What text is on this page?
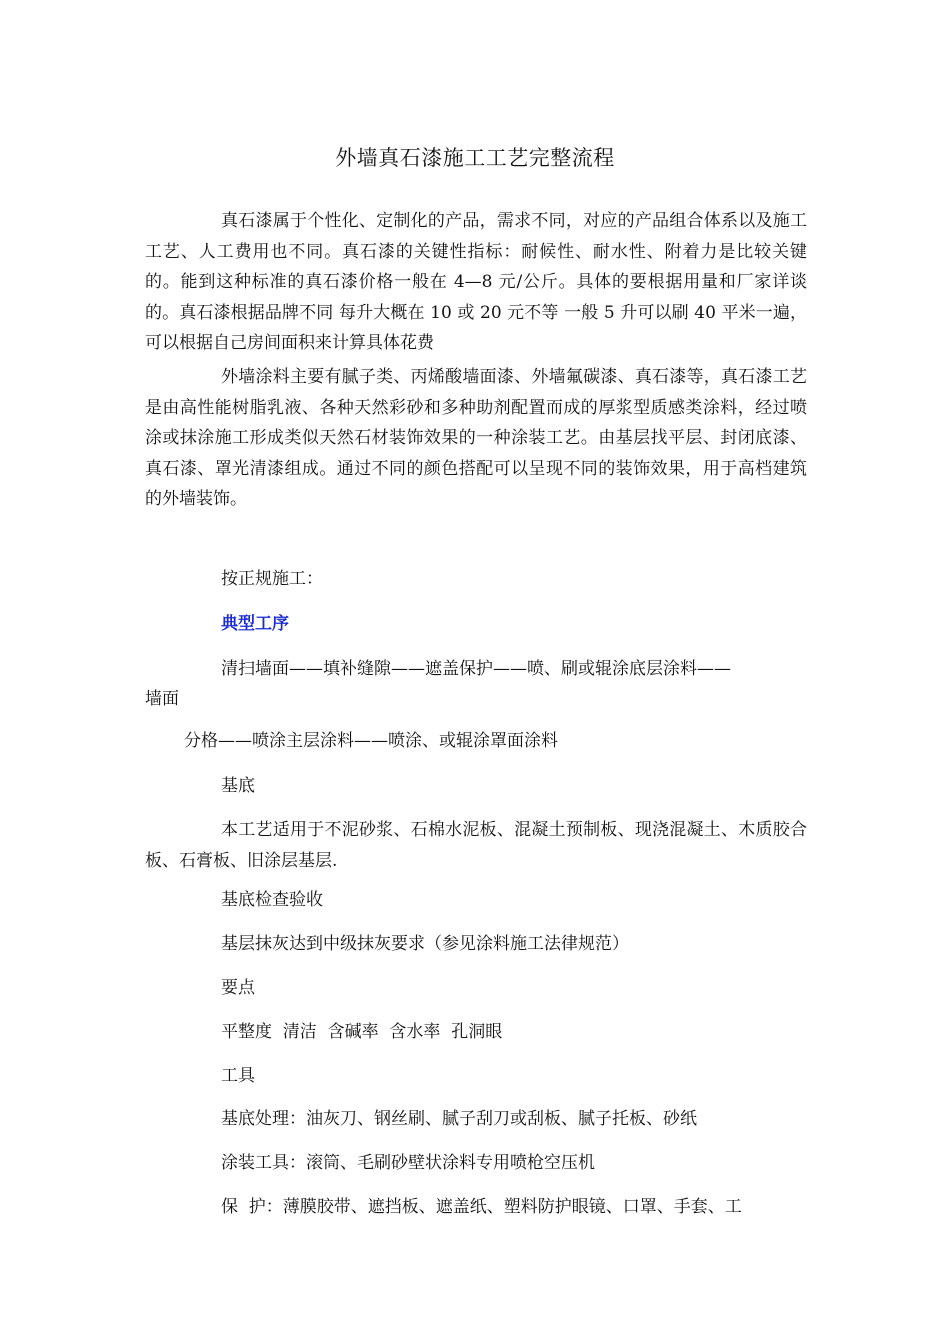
外墙真石漆施工工艺完整流程

真石漆属于个性化、定制化的产品，需求不同，对应的产品组合体系以及施工工艺、人工费用也不同。真石漆的关键性指标：耐候性、耐水性、附着力是比较关键的。能到这种标准的真石漆价格一般在 4—8 元/公斤。具体的要根据用量和厂家详谈的。真石漆根据品牌不同 每升大概在 10 或 20 元不等 一般 5 升可以刷 40 平米一遍，可以根据自己房间面积来计算具体花费

外墙涂料主要有腻子类、丙烯酸墙面漆、外墙氟碳漆、真石漆等，真石漆工艺是由高性能树脂乳液、各种天然彩砂和多种助剂配置而成的厚浆型质感类涂料，经过喷涂或抹涂施工形成类似天然石材装饰效果的一种涂装工艺。由基层找平层、封闭底漆、真石漆、罩光清漆组成。通过不同的颜色搭配可以呈现不同的装饰效果，用于高档建筑的外墙装饰。

按正规施工：

典型工序

清扫墙面——填补缝隙——遮盖保护——喷、刷或辊涂底层涂料——

墙面

分格——喷涂主层涂料——喷涂、或辊涂罩面涂料

基底

本工艺适用于不泥砂浆、石棉水泥板、混凝土预制板、现浇混凝土、木质胶合板、石膏板、旧涂层基层.

基底检查验收

基层抹灰达到中级抹灰要求（参见涂料施工法律规范）

要点

平整度  清洁  含碱率  含水率  孔洞眼

工具

基底处理：油灰刀、钢丝刷、腻子刮刀或刮板、腻子托板、砂纸

涂装工具：滚筒、毛刷砂壁状涂料专用喷枪空压机

保  护：薄膜胶带、遮挡板、遮盖纸、塑料防护眼镜、口罩、手套、工
